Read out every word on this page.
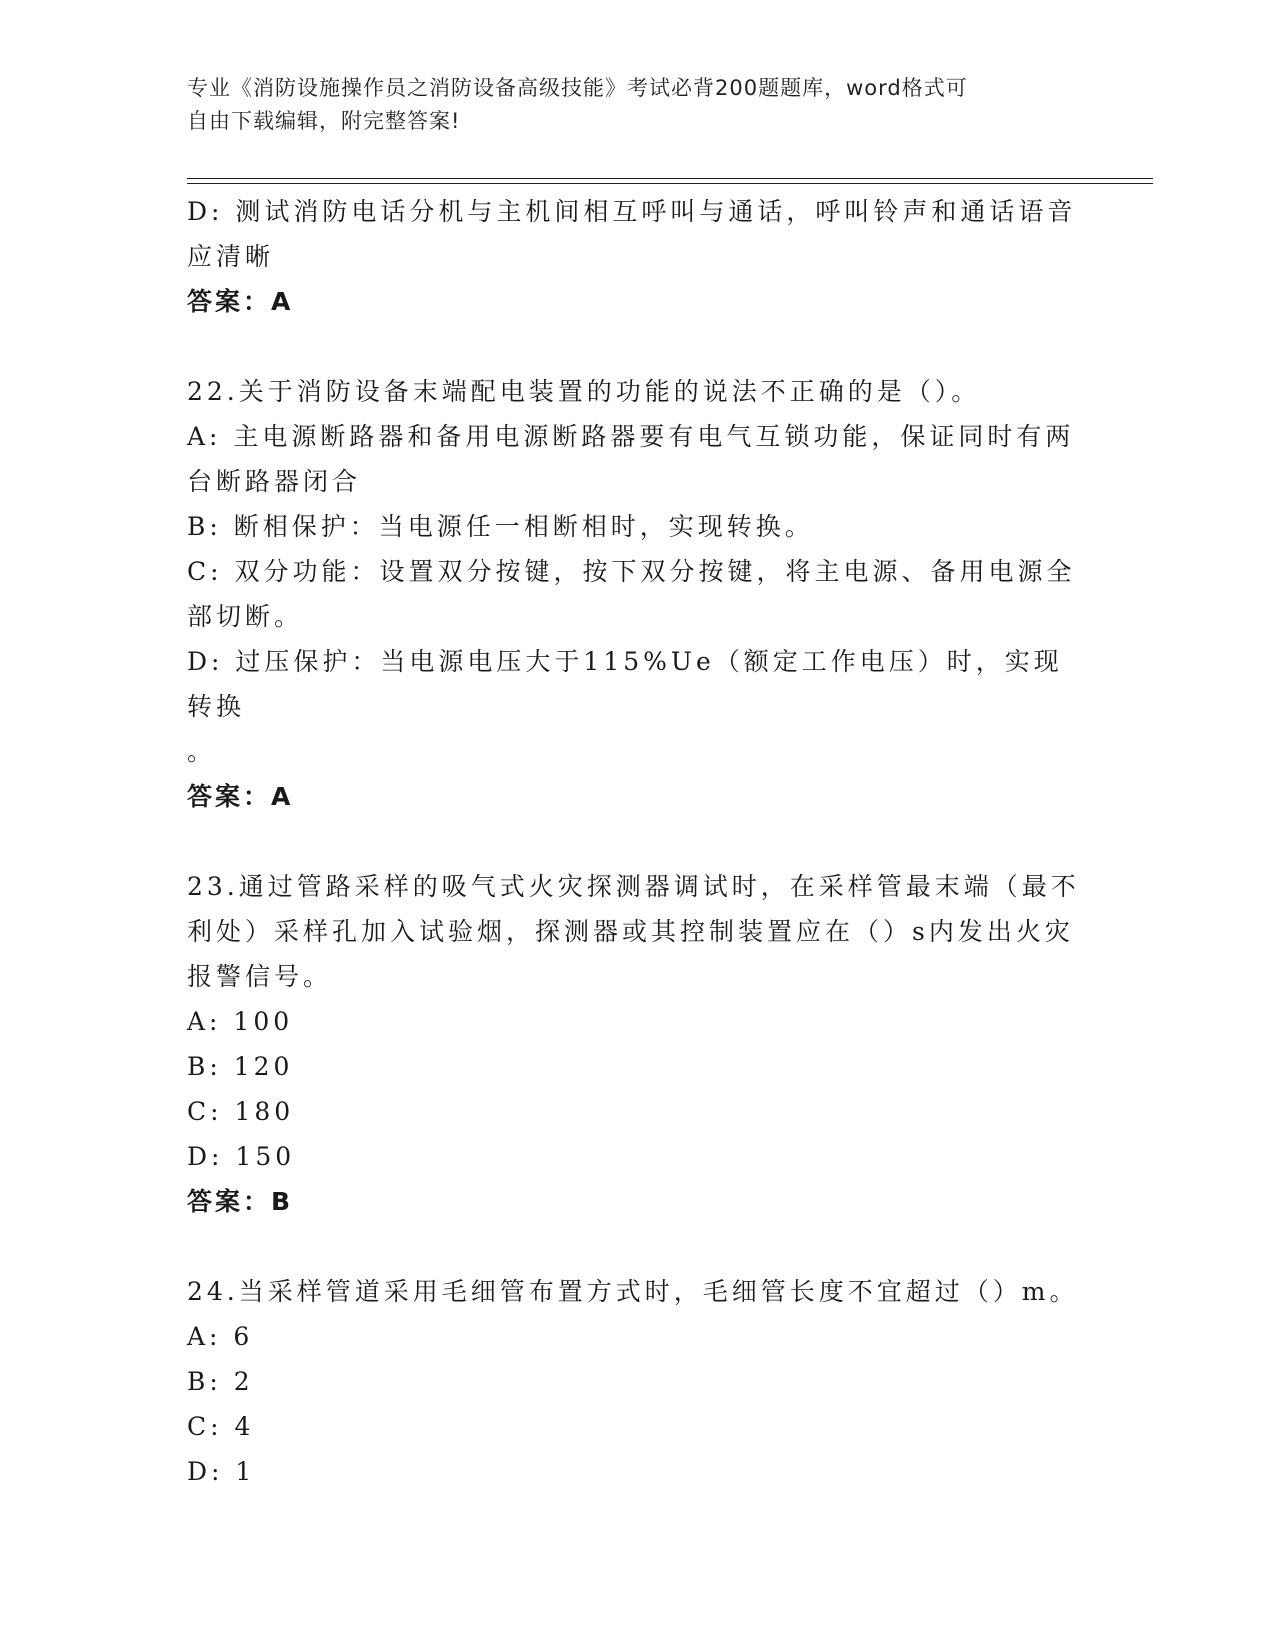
专业《消防设施操作员之消防设备高级技能》考试必背200题题库，word格式可
自由下载编辑，附完整答案!
D: 测试消防电话分机与主机间相互呼叫与通话，呼叫铃声和通话语音
应清晰
答案：A
22.关于消防设备末端配电装置的功能的说法不正确的是（）。
A: 主电源断路器和备用电源断路器要有电气互锁功能，保证同时有两
台断路器闭合
B: 断相保护：当电源任一相断相时，实现转换。
C: 双分功能：设置双分按键，按下双分按键，将主电源、备用电源全
部切断。
D: 过压保护：当电源电压大于115%Ue（额定工作电压）时，实现转换
。
答案：A
23.通过管路采样的吸气式火灾探测器调试时，在采样管最末端（最不
利处）采样孔加入试验烟，探测器或其控制装置应在（）s内发出火灾
报警信号。
A: 100
B: 120
C: 180
D: 150
答案：B
24.当采样管道采用毛细管布置方式时，毛细管长度不宜超过（）m。
A: 6
B: 2
C: 4
D: 1
